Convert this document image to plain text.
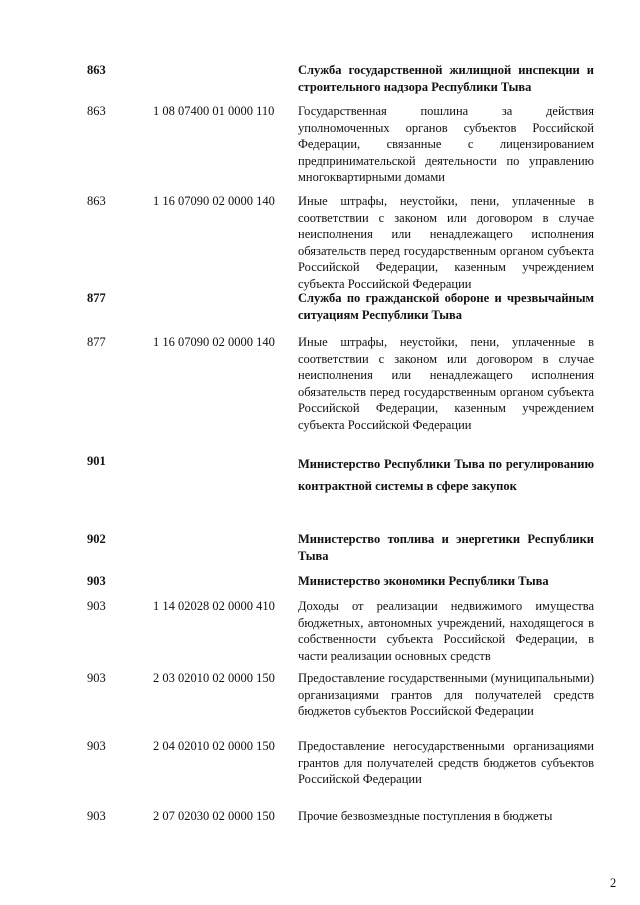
863	Служба государственной жилищной инспекции и строительного надзора Республики Тыва
863	1 08 07400 01 0000 110 Государственная пошлина за действия уполномоченных органов субъектов Российской Федерации, связанные с лицензированием предпринимательской деятельности по управлению многоквартирными домами
863	1 16 07090 02 0000 140 Иные штрафы, неустойки, пени, уплаченные в соответствии с законом или договором в случае неисполнения или ненадлежащего исполнения обязательств перед государственным органом субъекта Российской Федерации, казенным учреждением субъекта Российской Федерации
877	Служба по гражданской обороне и чрезвычайным ситуациям Республики Тыва
877	1 16 07090 02 0000 140 Иные штрафы, неустойки, пени, уплаченные в соответствии с законом или договором в случае неисполнения или ненадлежащего исполнения обязательств перед государственным органом субъекта Российской Федерации, казенным учреждением субъекта Российской Федерации
901	Министерство Республики Тыва по регулированию контрактной системы в сфере закупок
902	Министерство топлива и энергетики Республики Тыва
903	Министерство экономики Республики Тыва
903	1 14 02028 02 0000 410 Доходы от реализации недвижимого имущества бюджетных, автономных учреждений, находящегося в собственности субъекта Российской Федерации, в части реализации основных средств
903	2 03 02010 02 0000 150 Предоставление государственными (муниципальными) организациями грантов для получателей средств бюджетов субъектов Российской Федерации
903	2 04 02010 02 0000 150 Предоставление негосударственными организациями грантов для получателей средств бюджетов субъектов Российской Федерации
903	2 07 02030 02 0000 150 Прочие безвозмездные поступления в бюджеты
2
